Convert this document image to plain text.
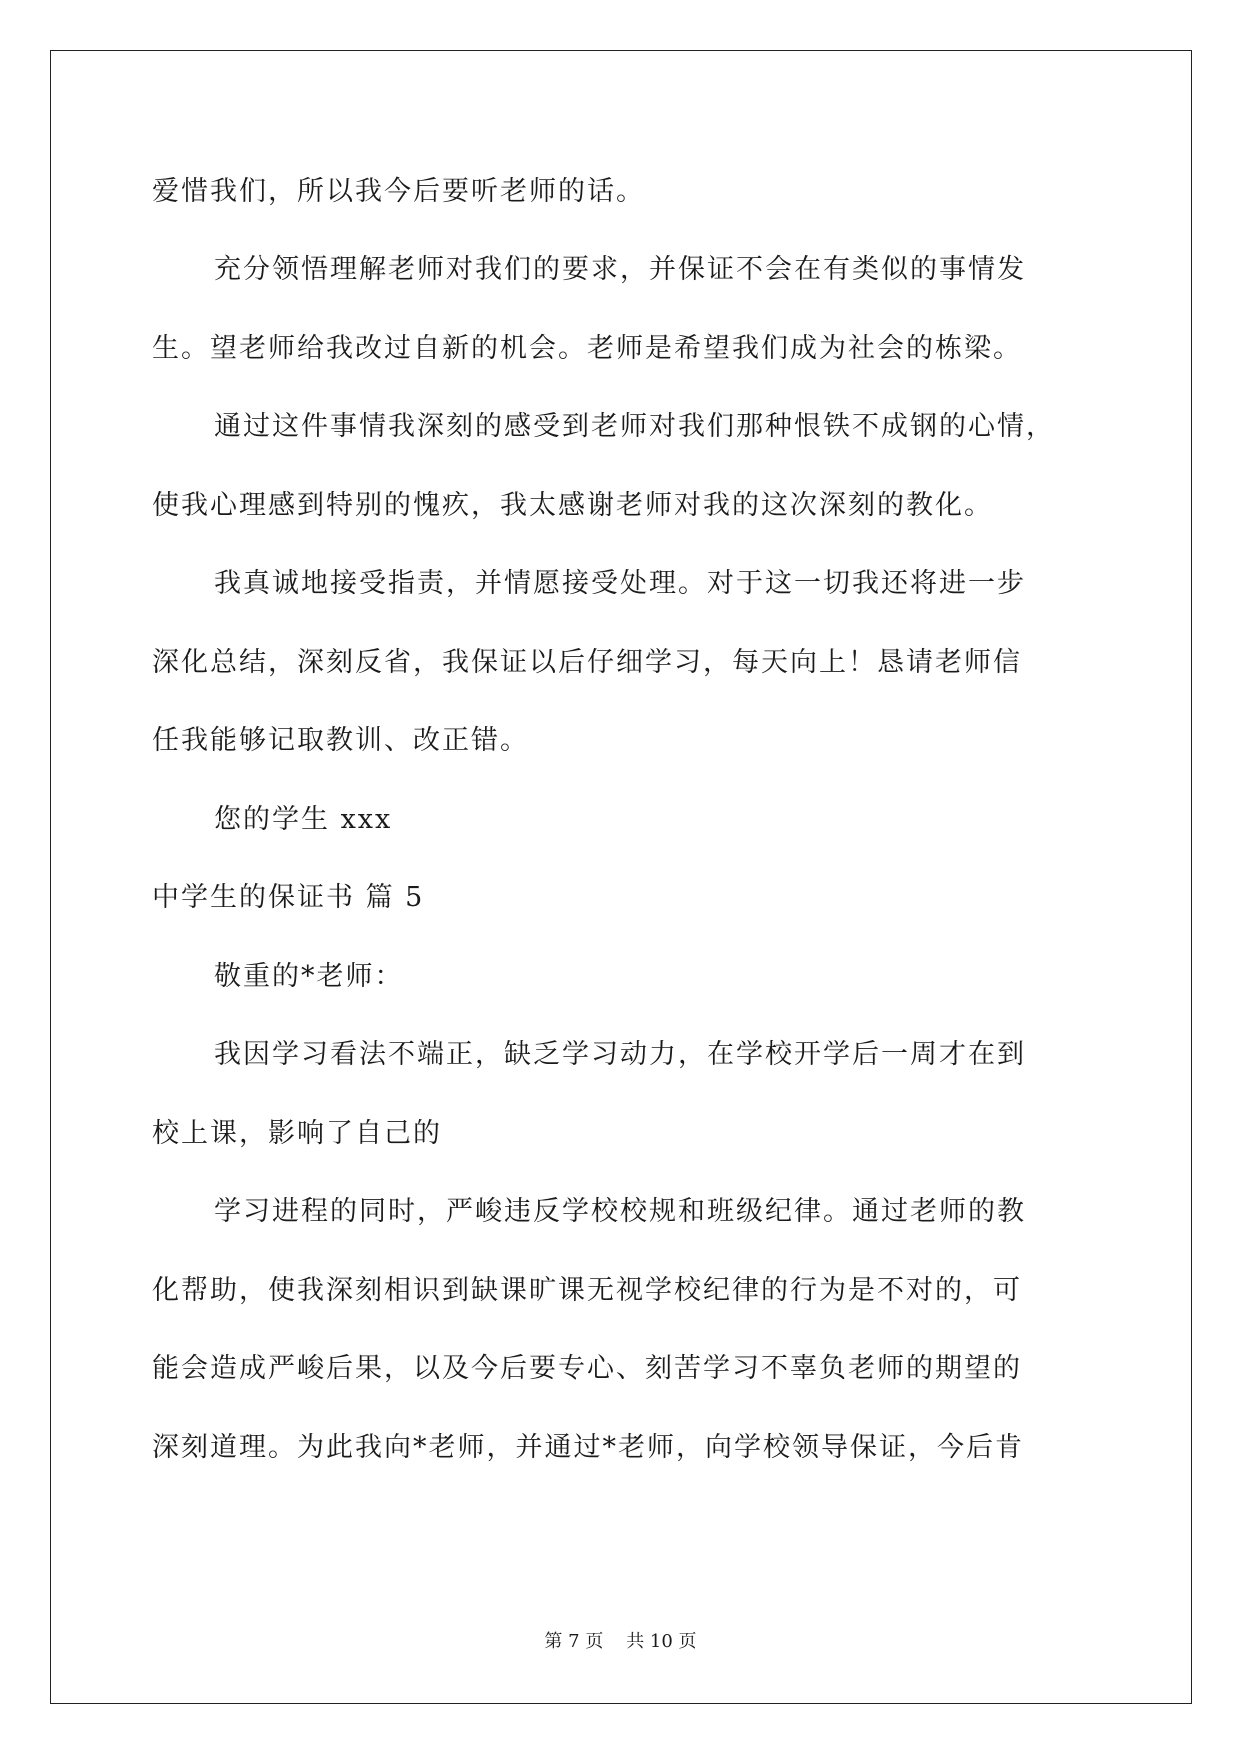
爱惜我们，所以我今后要听老师的话。
充分领悟理解老师对我们的要求，并保证不会在有类似的事情发
生。望老师给我改过自新的机会。老师是希望我们成为社会的栋梁。
通过这件事情我深刻的感受到老师对我们那种恨铁不成钢的心情，
使我心理感到特别的愧疚，我太感谢老师对我的这次深刻的教化。
我真诚地接受指责，并情愿接受处理。对于这一切我还将进一步
深化总结，深刻反省，我保证以后仔细学习，每天向上！恳请老师信
任我能够记取教训、改正错。
您的学生 xxx
中学生的保证书 篇 5
敬重的*老师：
我因学习看法不端正，缺乏学习动力，在学校开学后一周才在到
校上课，影响了自己的
学习进程的同时，严峻违反学校校规和班级纪律。通过老师的教
化帮助，使我深刻相识到缺课旷课无视学校纪律的行为是不对的，可
能会造成严峻后果，以及今后要专心、刻苦学习不辜负老师的期望的
深刻道理。为此我向*老师，并通过*老师，向学校领导保证，今后肯
第 7 页    共 10 页
